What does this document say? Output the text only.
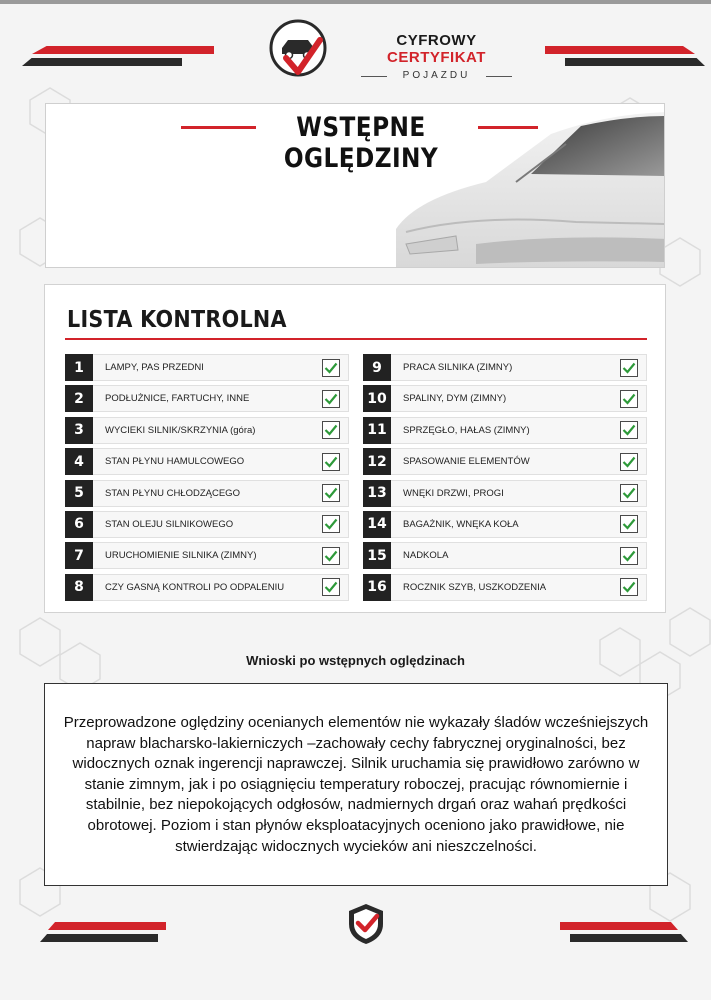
CYFROWY CERTYFIKAT
POJAZDU
WSTĘPNE OGLĘDZINY
LISTA KONTROLNA
1	LAMPY, PAS PRZEDNI
2	PODŁUŻNICE, FARTUCHY, INNE
3	WYCIEKI SILNIK/SKRZYNIA (góra)
4	STAN PŁYNU HAMULCOWEGO
5	STAN PŁYNU CHŁODZĄCEGO
6	STAN OLEJU SILNIKOWEGO
7	URUCHOMIENIE SILNIKA (ZIMNY)
8	CZY GASNĄ KONTROLI PO ODPALENIU
9	PRACA SILNIKA (ZIMNY)
10	SPALINY, DYM (ZIMNY)
11	SPRZĘGŁO, HAŁAS (ZIMNY)
12	SPASOWANIE ELEMENTÓW
13	WNĘKI DRZWI, PROGI
14	BAGAŻNIK, WNĘKA KOŁA
15	NADKOLA
16	ROCZNIK SZYB, USZKODZENIA
Wnioski po wstępnych oględzinach
Przeprowadzone oględziny ocenianych elementów nie wykazały śladów wcześniejszych napraw blacharsko-lakierniczych –zachowały cechy fabrycznej oryginalności, bez widocznych oznak ingerencji naprawczej. Silnik uruchamia się prawidłowo zarówno w stanie zimnym, jak i po osiągnięciu temperatury roboczej, pracując równomiernie i stabilnie, bez niepokojących odgłosów, nadmiernych drgań oraz wahań prędkości obrotowej. Poziom i stan płynów eksploatacyjnych oceniono jako prawidłowe, nie stwierdzając widocznych wycieków ani nieszczelności.
